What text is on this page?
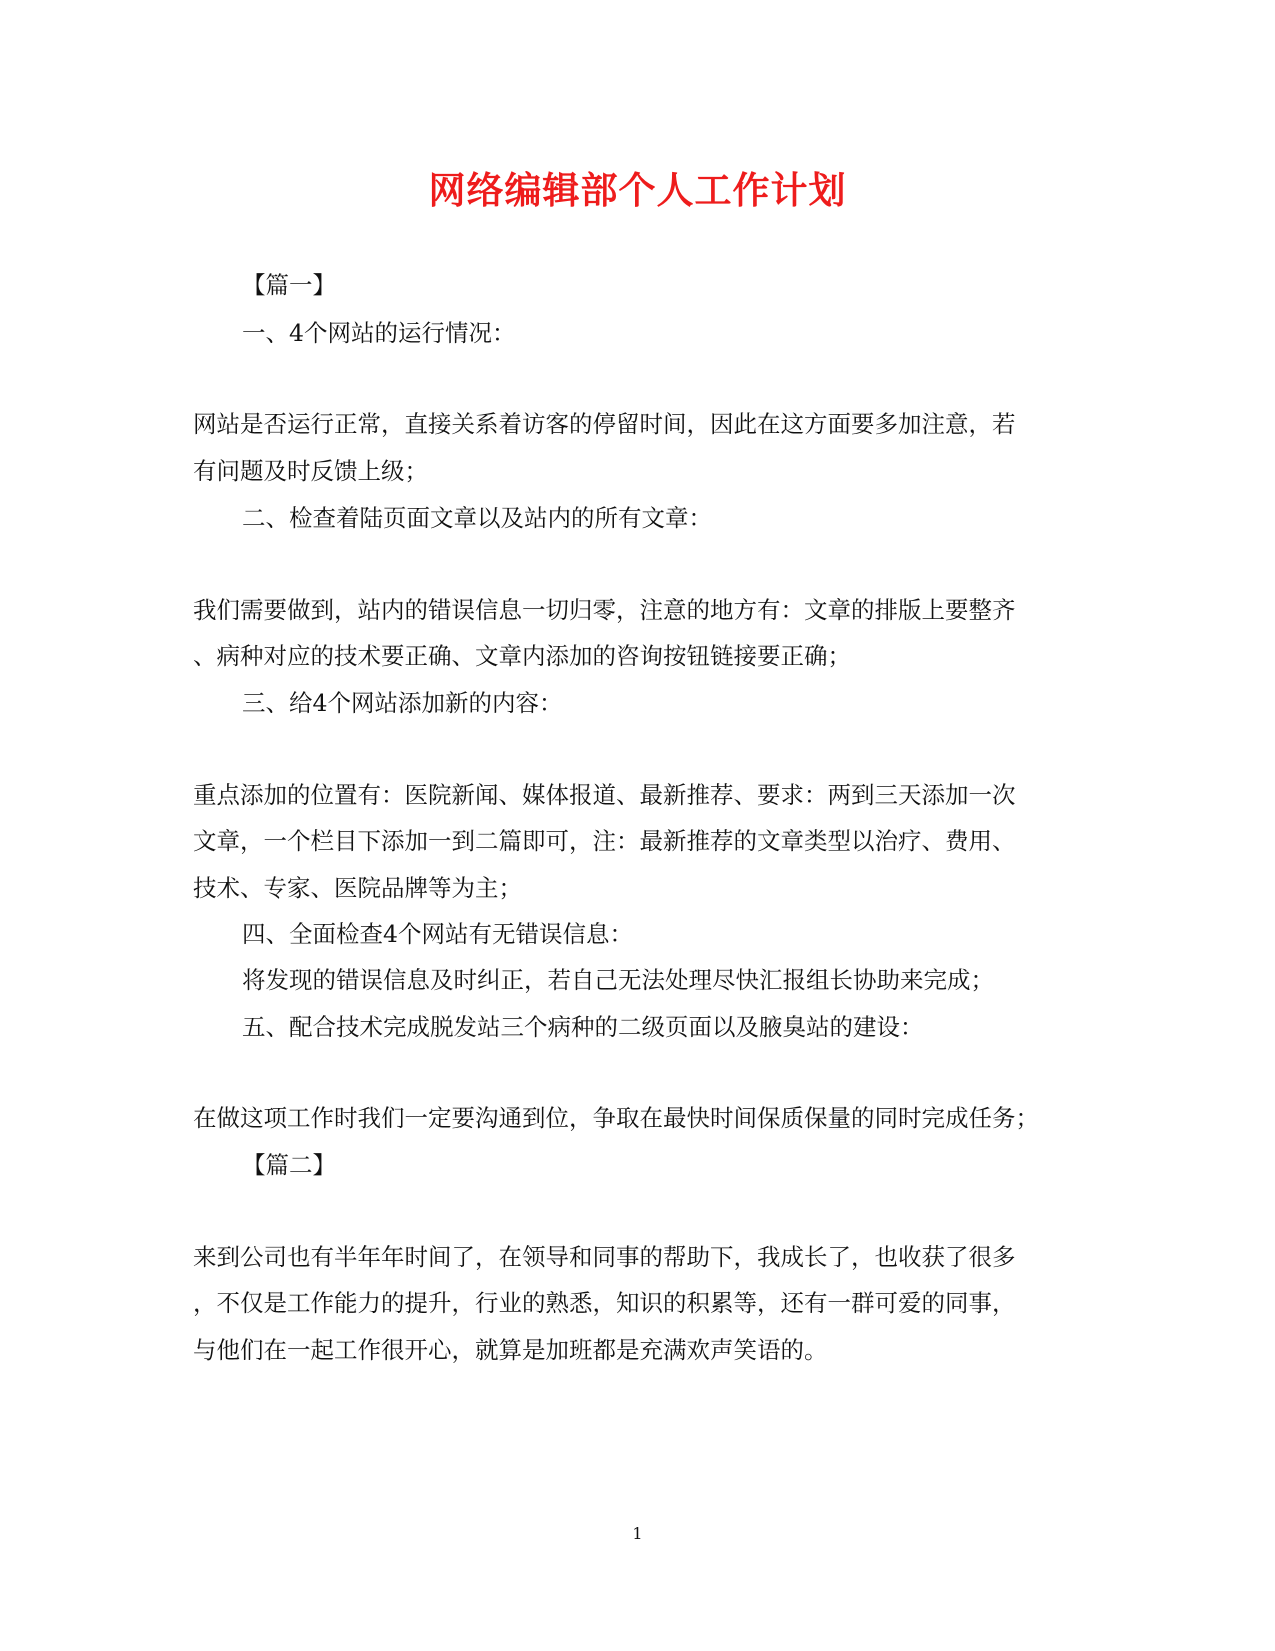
网络编辑部个人工作计划

【篇一】

一、4个网站的运行情况：

网站是否运行正常，直接关系着访客的停留时间，因此在这方面要多加注意，若

有问题及时反馈上级；

二、检查着陆页面文章以及站内的所有文章：

我们需要做到，站内的错误信息一切归零，注意的地方有：文章的排版上要整齐

、病种对应的技术要正确、文章内添加的咨询按钮链接要正确；

三、给4个网站添加新的内容：

重点添加的位置有：医院新闻、媒体报道、最新推荐、要求：两到三天添加一次

文章，一个栏目下添加一到二篇即可，注：最新推荐的文章类型以治疗、费用、

技术、专家、医院品牌等为主；

四、全面检查4个网站有无错误信息：

将发现的错误信息及时纠正，若自己无法处理尽快汇报组长协助来完成；

五、配合技术完成脱发站三个病种的二级页面以及腋臭站的建设：

在做这项工作时我们一定要沟通到位，争取在最快时间保质保量的同时完成任务；

【篇二】

来到公司也有半年年时间了，在领导和同事的帮助下，我成长了，也收获了很多

，不仅是工作能力的提升，行业的熟悉，知识的积累等，还有一群可爱的同事，

与他们在一起工作很开心，就算是加班都是充满欢声笑语的。

1
